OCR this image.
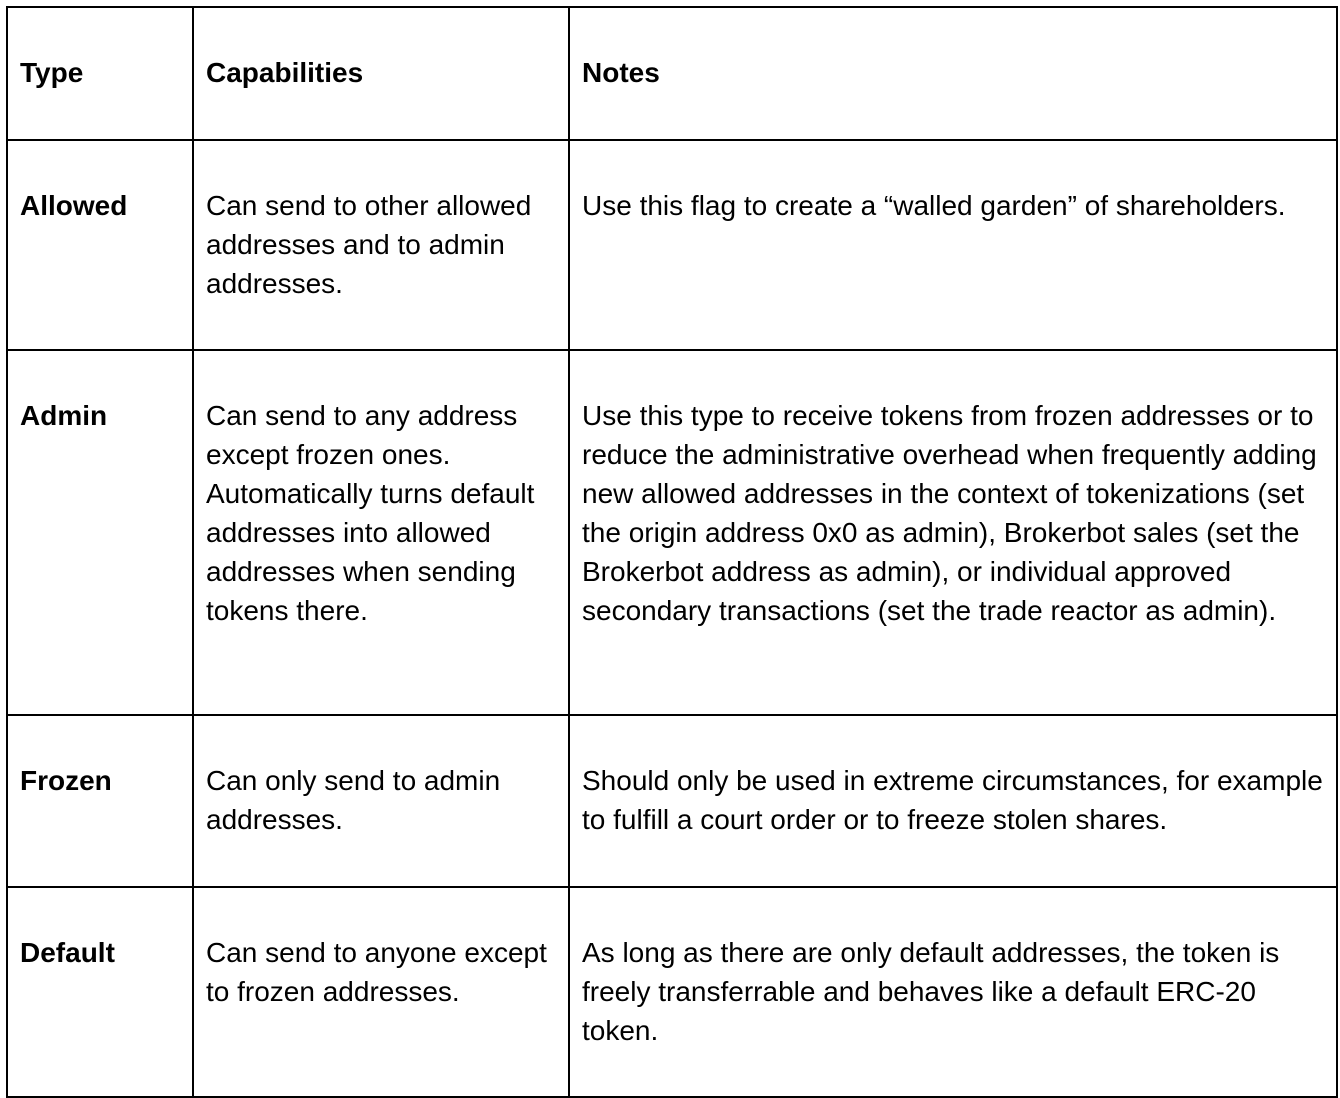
Type	Capabilities	Notes
Allowed	Can send to other allowed addresses and to admin addresses.	Use this flag to create a “walled garden” of shareholders.
Admin	Can send to any address except frozen ones. Automatically turns default addresses into allowed addresses when sending tokens there.	Use this type to receive tokens from frozen addresses or to reduce the administrative overhead when frequently adding new allowed addresses in the context of tokenizations (set the origin address 0x0 as admin), Brokerbot sales (set the Brokerbot address as admin), or individual approved secondary transactions (set the trade reactor as admin).
Frozen	Can only send to admin addresses.	Should only be used in extreme circumstances, for example to fulfill a court order or to freeze stolen shares.
Default	Can send to anyone except to frozen addresses.	As long as there are only default addresses, the token is freely transferrable and behaves like a default ERC-20 token.
